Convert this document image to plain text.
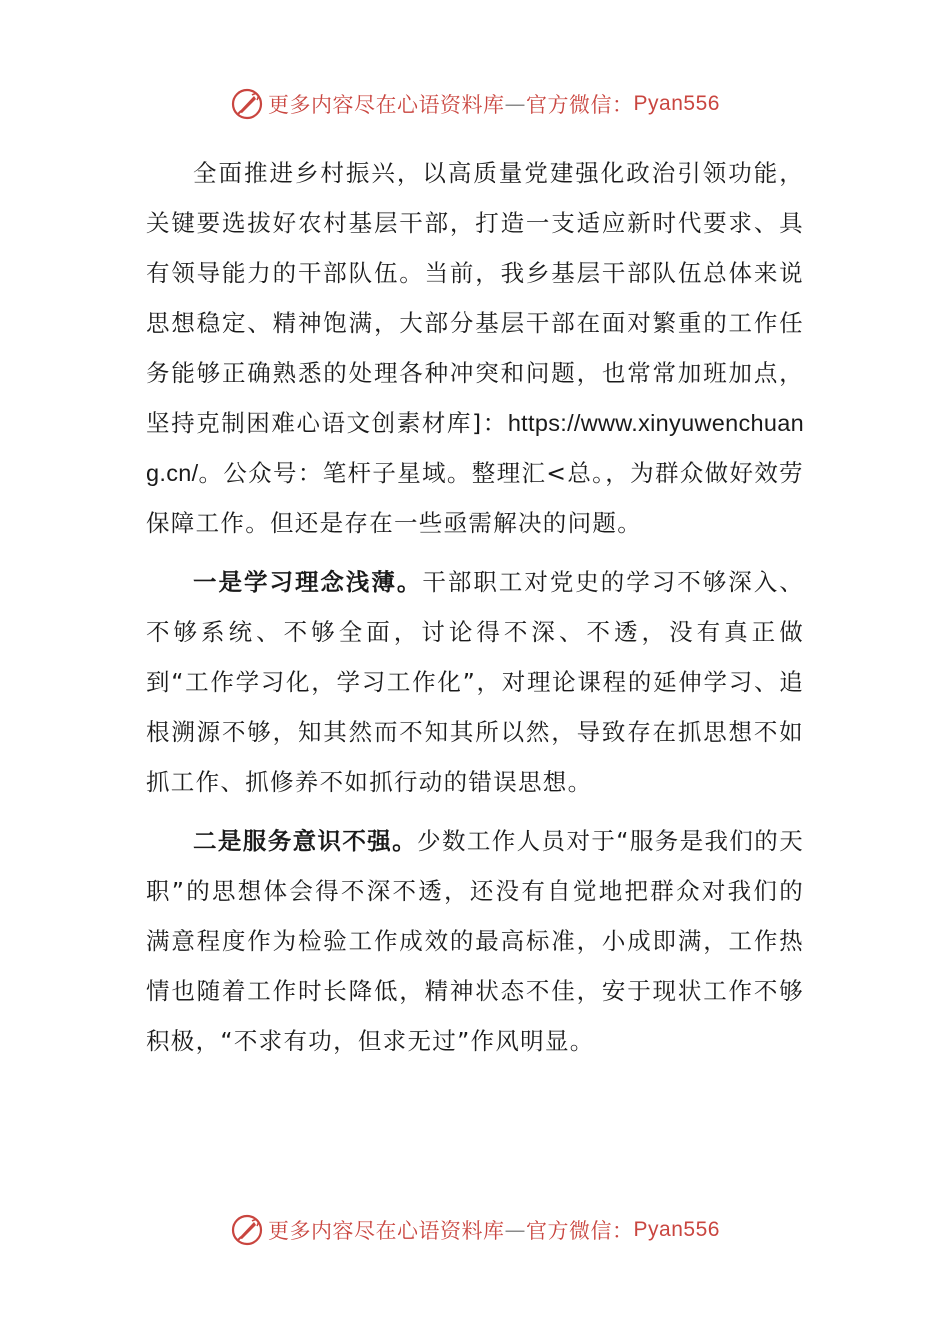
更多内容尽在心语资料库 — 官方微信： Pyan556

全面推进乡村振兴，以高质量党建强化政治引领功能，关键要选拔好农村基层干部，打造一支适应新时代要求、具有领导能力的干部队伍。当前，我乡基层干部队伍总体来说思想稳定、精神饱满，大部分基层干部在面对繁重的工作任务能够正确熟悉的处理各种冲突和问题，也常常加班加点，坚持克制困难心语文创素材库]：https://www.xinyuwenchuang.cn/。公众号：笔杆子星域。整理汇<总。，为群众做好效劳保障工作。但还是存在一些亟需解决的问题。

一是学习理念浅薄。干部职工对党史的学习不够深入、不够系统、不够全面，讨论得不深、不透，没有真正做到“工作学习化，学习工作化”，对理论课程的延伸学习、追根溯源不够，知其然而不知其所以然，导致存在抓思想不如抓工作、抓修养不如抓行动的错误思想。

二是服务意识不强。少数工作人员对于“服务是我们的天职”的思想体会得不深不透，还没有自觉地把群众对我们的满意程度作为检验工作成效的最高标准，小成即满，工作热情也随着工作时长降低，精神状态不佳，安于现状工作不够积极，“不求有功，但求无过”作风明显。

更多内容尽在心语资料库 — 官方微信： Pyan556
